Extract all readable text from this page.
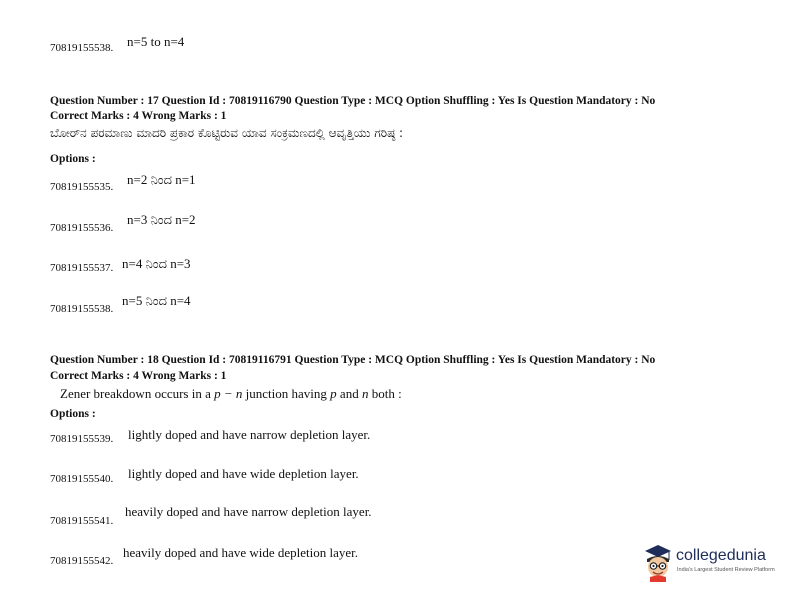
70819155538. n=5 to n=4
Question Number : 17 Question Id : 70819116790 Question Type : MCQ Option Shuffling : Yes Is Question Mandatory : No
Correct Marks : 4 Wrong Marks : 1
ಬೋರ್‌ನ ಪರಮಾಣು ಮಾದರಿ ಪ್ರಕಾರ ಕೊಟ್ಟಿರುವ ಯಾವ ಸಂಕ್ರಮಣದಲ್ಲಿ ಆವೃತ್ತಿಯು ಗರಿಷ್ಠ :
Options :
70819155535. n=2 ನಿಂದ n=1
70819155536.
n=3 ನಿಂದ n=2
70819155537. n=4 ನಿಂದ n=3
70819155538.
n=5 ನಿಂದ n=4
Question Number : 18 Question Id : 70819116791 Question Type : MCQ Option Shuffling : Yes Is Question Mandatory : No
Correct Marks : 4 Wrong Marks : 1
Zener breakdown occurs in a p − n junction having p and n both :
Options :
70819155539. lightly doped and have narrow depletion layer.
70819155540. lightly doped and have wide depletion layer.
70819155541.
heavily doped and have narrow depletion layer.
70819155542.
heavily doped and have wide depletion layer.	collegedunia
India's Largest Student Review Platform
